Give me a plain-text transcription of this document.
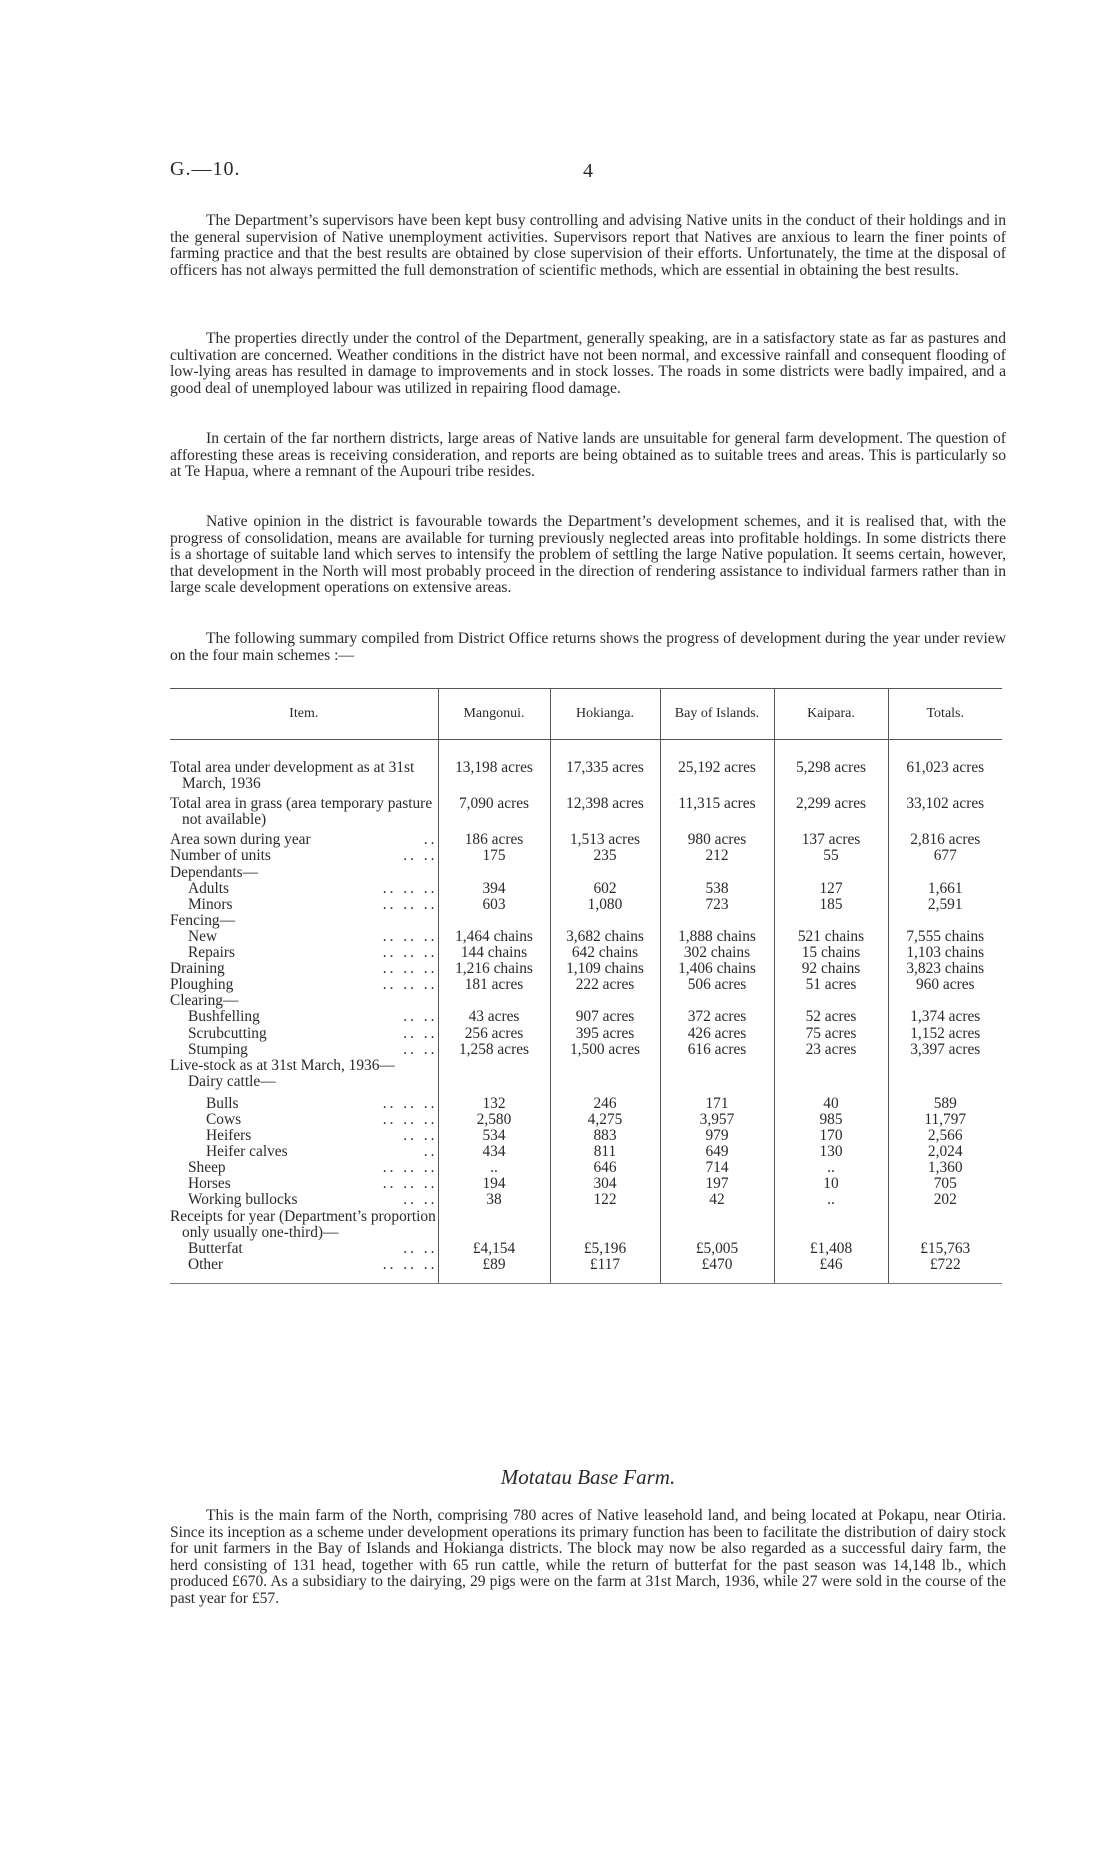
G.—10.	4

The Department’s supervisors have been kept busy controlling and advising Native units in the conduct of their holdings and in the general supervision of Native unemployment activities. Supervisors report that Natives are anxious to learn the finer points of farming practice and that the best results are obtained by close supervision of their efforts. Unfortunately, the time at the disposal of officers has not always permitted the full demonstration of scientific methods, which are essential in obtaining the best results.

The properties directly under the control of the Department, generally speaking, are in a satisfactory state as far as pastures and cultivation are concerned. Weather conditions in the district have not been normal, and excessive rainfall and consequent flooding of low-lying areas has resulted in damage to improvements and in stock losses. The roads in some districts were badly impaired, and a good deal of unemployed labour was utilized in repairing flood damage.

In certain of the far northern districts, large areas of Native lands are unsuitable for general farm development. The question of afforesting these areas is receiving consideration, and reports are being obtained as to suitable trees and areas. This is particularly so at Te Hapua, where a remnant of the Aupouri tribe resides.

Native opinion in the district is favourable towards the Department’s development schemes, and it is realised that, with the progress of consolidation, means are available for turning previously neglected areas into profitable holdings. In some districts there is a shortage of suitable land which serves to intensify the problem of settling the large Native population. It seems certain, however, that development in the North will most probably proceed in the direction of rendering assistance to individual farmers rather than in large scale development operations on extensive areas.

The following summary compiled from District Office returns shows the progress of development during the year under review on the four main schemes :—

Item.	Mangonui.	Hokianga.	Bay of Islands.	Kaipara.	Totals.

Total area under development as at 31st March, 1936	13,198 acres	17,335 acres	25,192 acres	5,298 acres	61,023 acres

Total area in grass (area temporary pasture not available)	7,090 acres	12,398 acres	11,315 acres	2,299 acres	33,102 acres

Area sown during year ..	186 acres	1,513 acres	980 acres	137 acres	2,816 acres

Number of units .. ..	175	235	212	55	677

Dependants—					

Adults .. .. ..	394	602	538	127	1,661

Minors .. .. ..	603	1,080	723	185	2,591

Fencing—					

New .. .. ..	1,464 chains	3,682 chains	1,888 chains	521 chains	7,555 chains

Repairs .. .. ..	144 chains	642 chains	302 chains	15 chains	1,103 chains

Draining .. .. ..	1,216 chains	1,109 chains	1,406 chains	92 chains	3,823 chains

Ploughing .. .. ..	181 acres	222 acres	506 acres	51 acres	960 acres

Clearing—					

Bushfelling .. ..	43 acres	907 acres	372 acres	52 acres	1,374 acres

Scrubcutting .. ..	256 acres	395 acres	426 acres	75 acres	1,152 acres

Stumping .. ..	1,258 acres	1,500 acres	616 acres	23 acres	3,397 acres

Live-stock as at 31st March, 1936—					

Dairy cattle—					

Bulls .. .. ..	132	246	171	40	589

Cows .. .. ..	2,580	4,275	3,957	985	11,797

Heifers .. ..	534	883	979	170	2,566

Heifer calves ..	434	811	649	130	2,024

Sheep .. .. ..	..	646	714	..	1,360

Horses .. .. ..	194	304	197	10	705

Working bullocks .. ..	38	122	42	..	202

Receipts for year (Department’s proportion only usually one-third)—					

Butterfat .. ..	£4,154	£5,196	£5,005	£1,408	£15,763

Other .. .. ..	£89	£117	£470	£46	£722

Motatau Base Farm.

This is the main farm of the North, comprising 780 acres of Native leasehold land, and being located at Pokapu, near Otiria. Since its inception as a scheme under development operations its primary function has been to facilitate the distribution of dairy stock for unit farmers in the Bay of Islands and Hokianga districts. The block may now be also regarded as a successful dairy farm, the herd consisting of 131 head, together with 65 run cattle, while the return of butterfat for the past season was 14,148 lb., which produced £670. As a subsidiary to the dairying, 29 pigs were on the farm at 31st March, 1936, while 27 were sold in the course of the past year for £57.
